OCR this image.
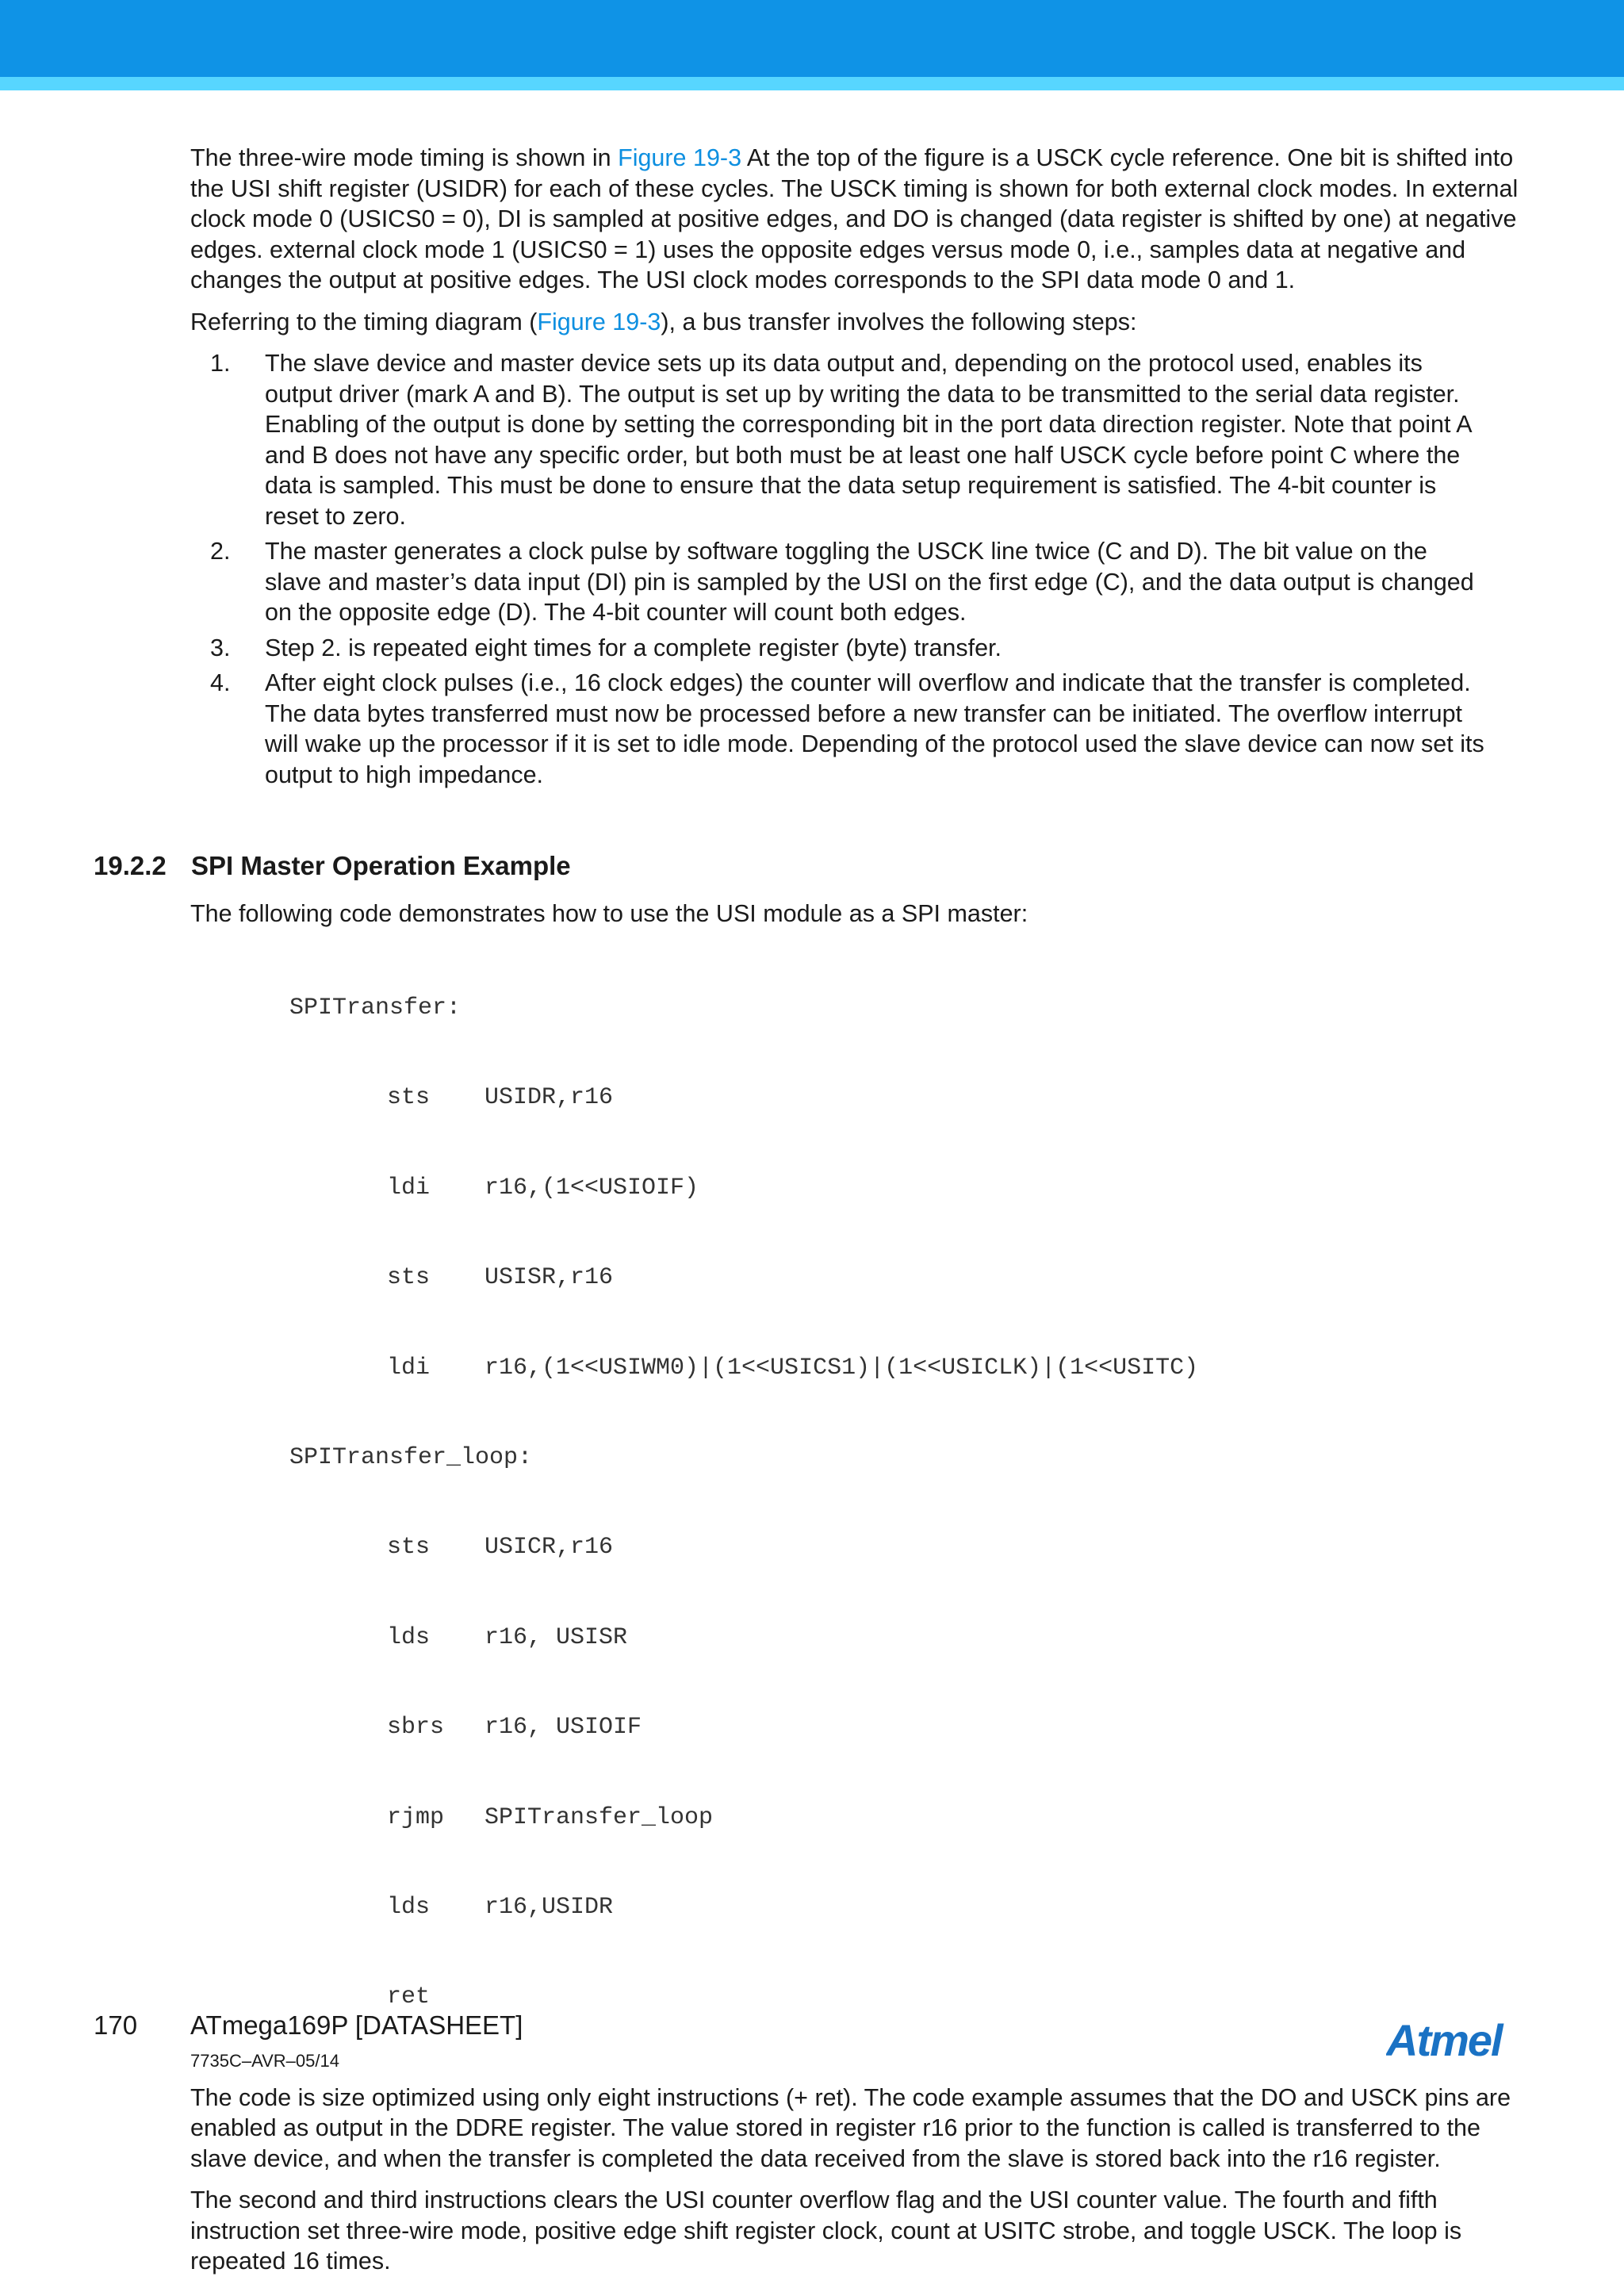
The three-wire mode timing is shown in Figure 19-3 At the top of the figure is a USCK cycle reference. One bit is shifted into the USI shift register (USIDR) for each of these cycles. The USCK timing is shown for both external clock modes. In external clock mode 0 (USICS0 = 0), DI is sampled at positive edges, and DO is changed (data register is shifted by one) at negative edges. external clock mode 1 (USICS0 = 1) uses the opposite edges versus mode 0, i.e., samples data at negative and changes the output at positive edges. The USI clock modes corresponds to the SPI data mode 0 and 1.

Referring to the timing diagram (Figure 19-3), a bus transfer involves the following steps:

1. The slave device and master device sets up its data output and, depending on the protocol used, enables its output driver (mark A and B). The output is set up by writing the data to be transmitted to the serial data register. Enabling of the output is done by setting the corresponding bit in the port data direction register. Note that point A and B does not have any specific order, but both must be at least one half USCK cycle before point C where the data is sampled. This must be done to ensure that the data setup requirement is satisfied. The 4-bit counter is reset to zero.
2. The master generates a clock pulse by software toggling the USCK line twice (C and D). The bit value on the slave and master’s data input (DI) pin is sampled by the USI on the first edge (C), and the data output is changed on the opposite edge (D). The 4-bit counter will count both edges.
3. Step 2. is repeated eight times for a complete register (byte) transfer.
4. After eight clock pulses (i.e., 16 clock edges) the counter will overflow and indicate that the transfer is completed. The data bytes transferred must now be processed before a new transfer can be initiated. The overflow interrupt will wake up the processor if it is set to idle mode. Depending of the protocol used the slave device can now set its output to high impedance.
19.2.2 SPI Master Operation Example

The following code demonstrates how to use the USI module as a SPI master:

SPITransfer:

sts USIDR,r16

ldi r16,(1<<USIOIF)

sts USISR,r16

ldi r16,(1<<USIWM0)|(1<<USICS1)|(1<<USICLK)|(1<<USITC)

SPITransfer_loop:

sts USICR,r16

lds r16, USISR

sbrs r16, USIOIF

rjmp SPITransfer_loop

lds r16,USIDR

ret

The code is size optimized using only eight instructions (+ ret). The code example assumes that the DO and USCK pins are enabled as output in the DDRE register. The value stored in register r16 prior to the function is called is transferred to the slave device, and when the transfer is completed the data received from the slave is stored back into the r16 register.

The second and third instructions clears the USI counter overflow flag and the USI counter value. The fourth and fifth instruction set three-wire mode, positive edge shift register clock, count at USITC strobe, and toggle USCK. The loop is repeated 16 times.

170 ATmega169P [DATASHEET]
7735C–AVR–05/14	Atmel
